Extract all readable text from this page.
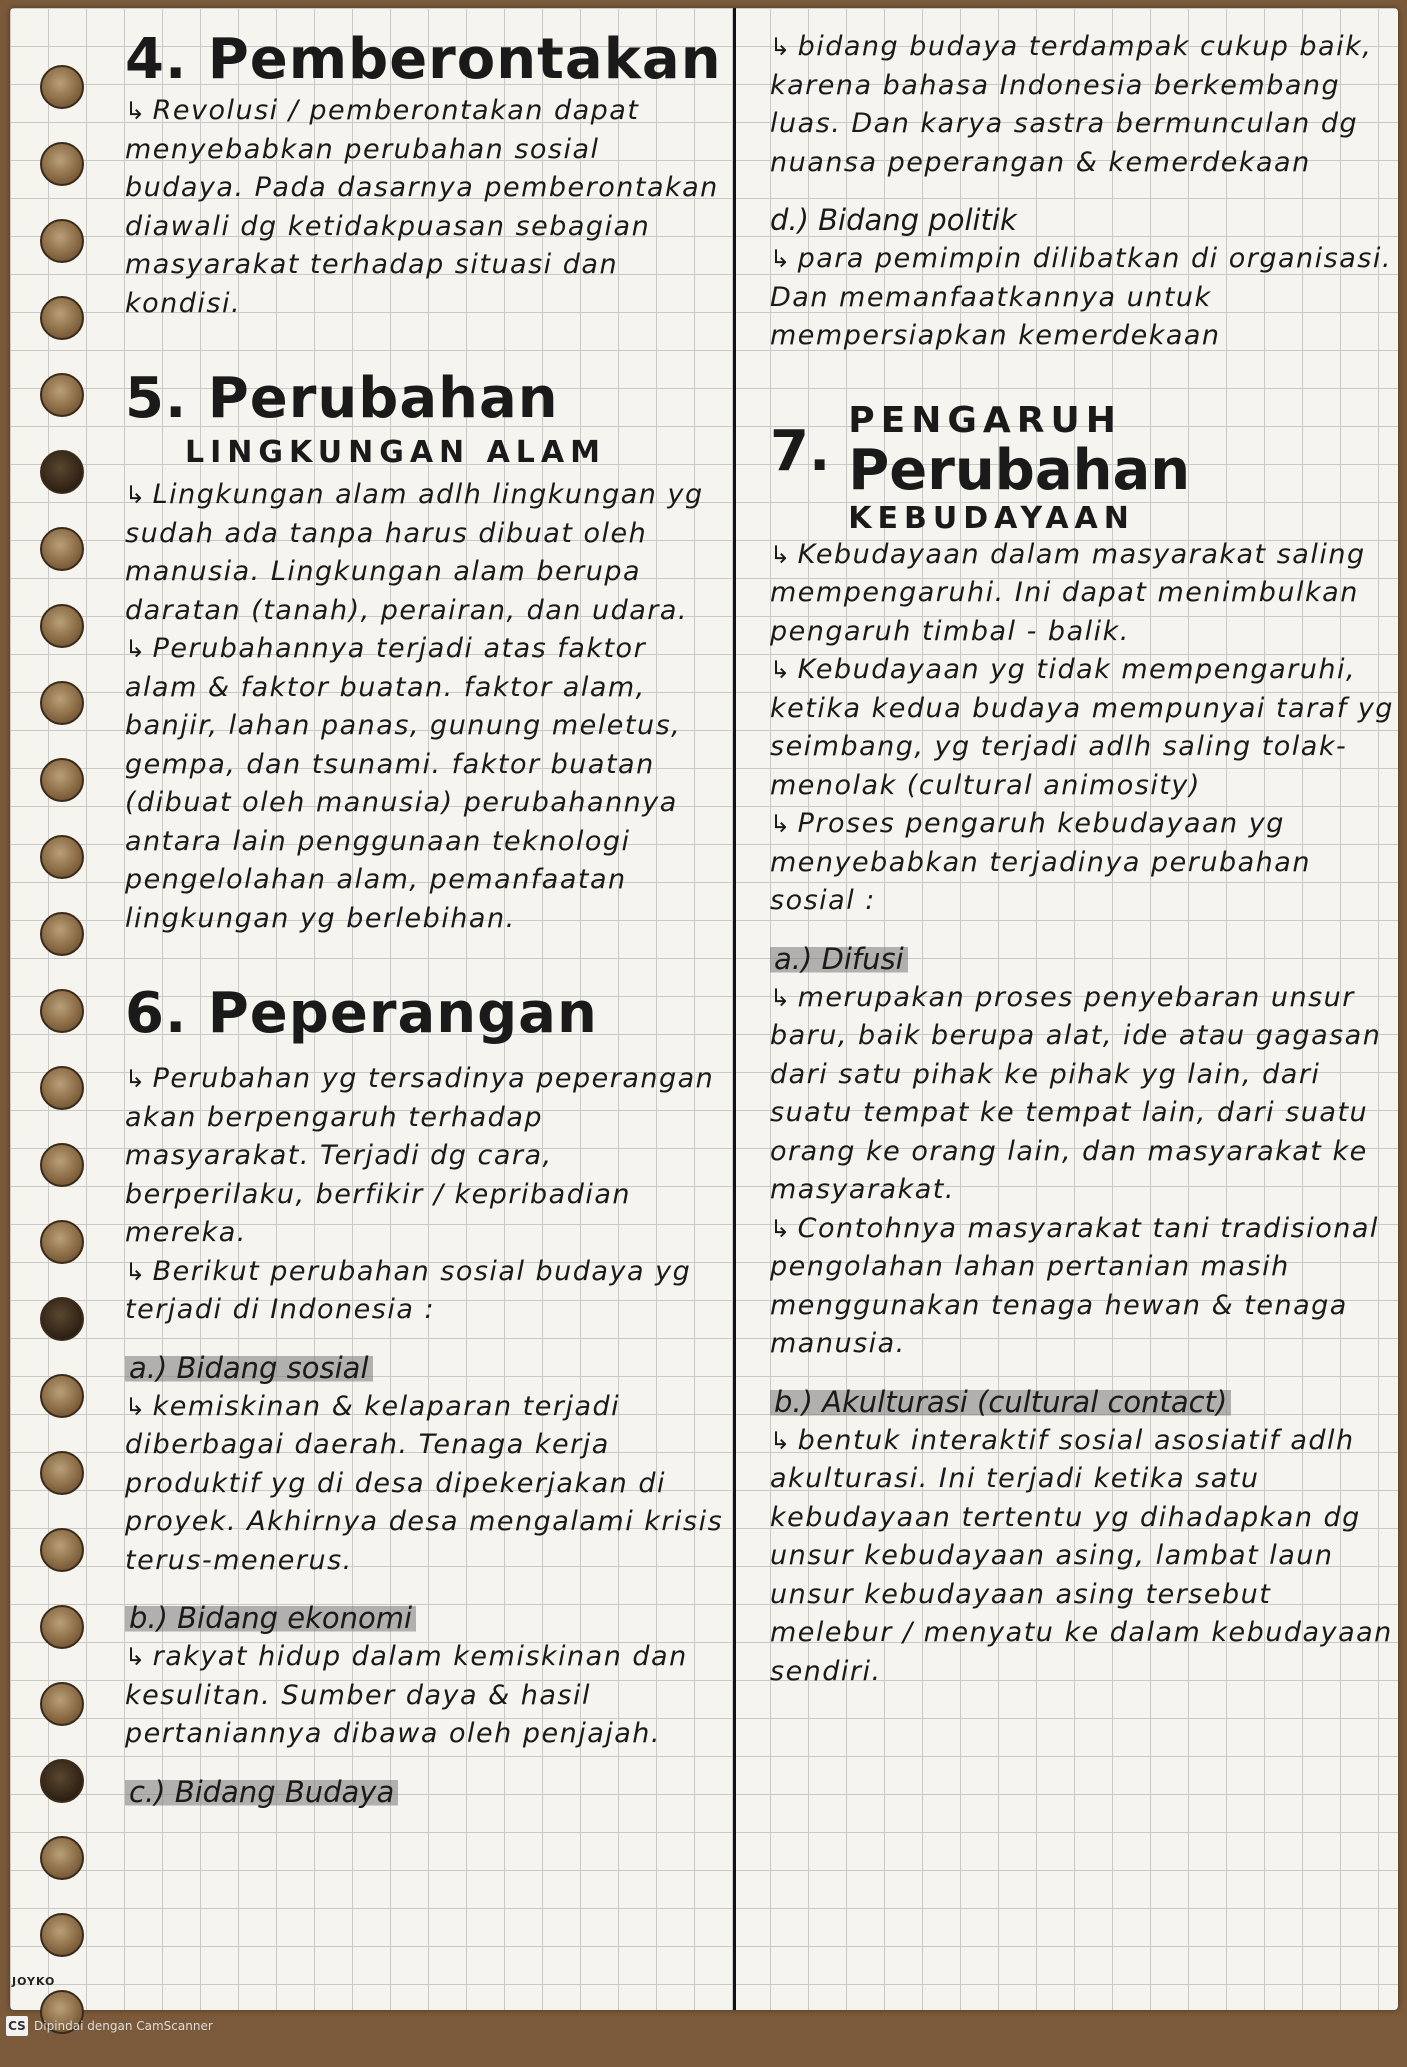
4. Pemberontakan

↳ Revolusi / pemberontakan dapat menyebabkan perubahan sosial budaya. Pada dasarnya pemberontakan diawali dg ketidakpuasan sebagian masyarakat terhadap situasi dan kondisi.

5. Perubahan
LINGKUNGAN ALAM

↳ Lingkungan alam adlh lingkungan yg sudah ada tanpa harus dibuat oleh manusia. Lingkungan alam berupa daratan (tanah), perairan, dan udara.

↳ Perubahannya terjadi atas faktor alam & faktor buatan. faktor alam, banjir, lahan panas, gunung meletus, gempa, dan tsunami. faktor buatan (dibuat oleh manusia) perubahannya antara lain penggunaan teknologi pengelolahan alam, pemanfaatan lingkungan yg berlebihan.

6. Peperangan

↳ Perubahan yg tersadinya peperangan akan berpengaruh terhadap masyarakat. Terjadi dg cara, berperilaku, berfikir / kepribadian mereka.

↳ Berikut perubahan sosial budaya yg terjadi di Indonesia :

a.) Bidang sosial

↳ kemiskinan & kelaparan terjadi diberbagai daerah. Tenaga kerja produktif yg di desa dipekerjakan di proyek. Akhirnya desa mengalami krisis terus-menerus.

b.) Bidang ekonomi

↳ rakyat hidup dalam kemiskinan dan kesulitan. Sumber daya & hasil pertaniannya dibawa oleh penjajah.

c.) Bidang Budaya

↳ bidang budaya terdampak cukup baik, karena bahasa Indonesia berkembang luas. Dan karya sastra bermunculan dg nuansa peperangan & kemerdekaan

d.) Bidang politik

↳ para pemimpin dilibatkan di organisasi. Dan memanfaatkannya untuk mempersiapkan kemerdekaan

7. PENGARUH
Perubahan
KEBUDAYAAN

↳ Kebudayaan dalam masyarakat saling mempengaruhi. Ini dapat menimbulkan pengaruh timbal - balik.

↳ Kebudayaan yg tidak mempengaruhi, ketika kedua budaya mempunyai taraf yg seimbang, yg terjadi adlh saling tolak-menolak (cultural animosity)

↳ Proses pengaruh kebudayaan yg menyebabkan terjadinya perubahan sosial :

a.) Difusi

↳ merupakan proses penyebaran unsur baru, baik berupa alat, ide atau gagasan dari satu pihak ke pihak yg lain, dari suatu tempat ke tempat lain, dari suatu orang ke orang lain, dan masyarakat ke masyarakat.

↳ Contohnya masyarakat tani tradisional pengolahan lahan pertanian masih menggunakan tenaga hewan & tenaga manusia.

b.) Akulturasi (cultural contact)

↳ bentuk interaktif sosial asosiatif adlh akulturasi. Ini terjadi ketika satu kebudayaan tertentu yg dihadapkan dg unsur kebudayaan asing, lambat laun unsur kebudayaan asing tersebut melebur / menyatu ke dalam kebudayaan sendiri.

JOYKO
CS Dipindai dengan CamScanner
